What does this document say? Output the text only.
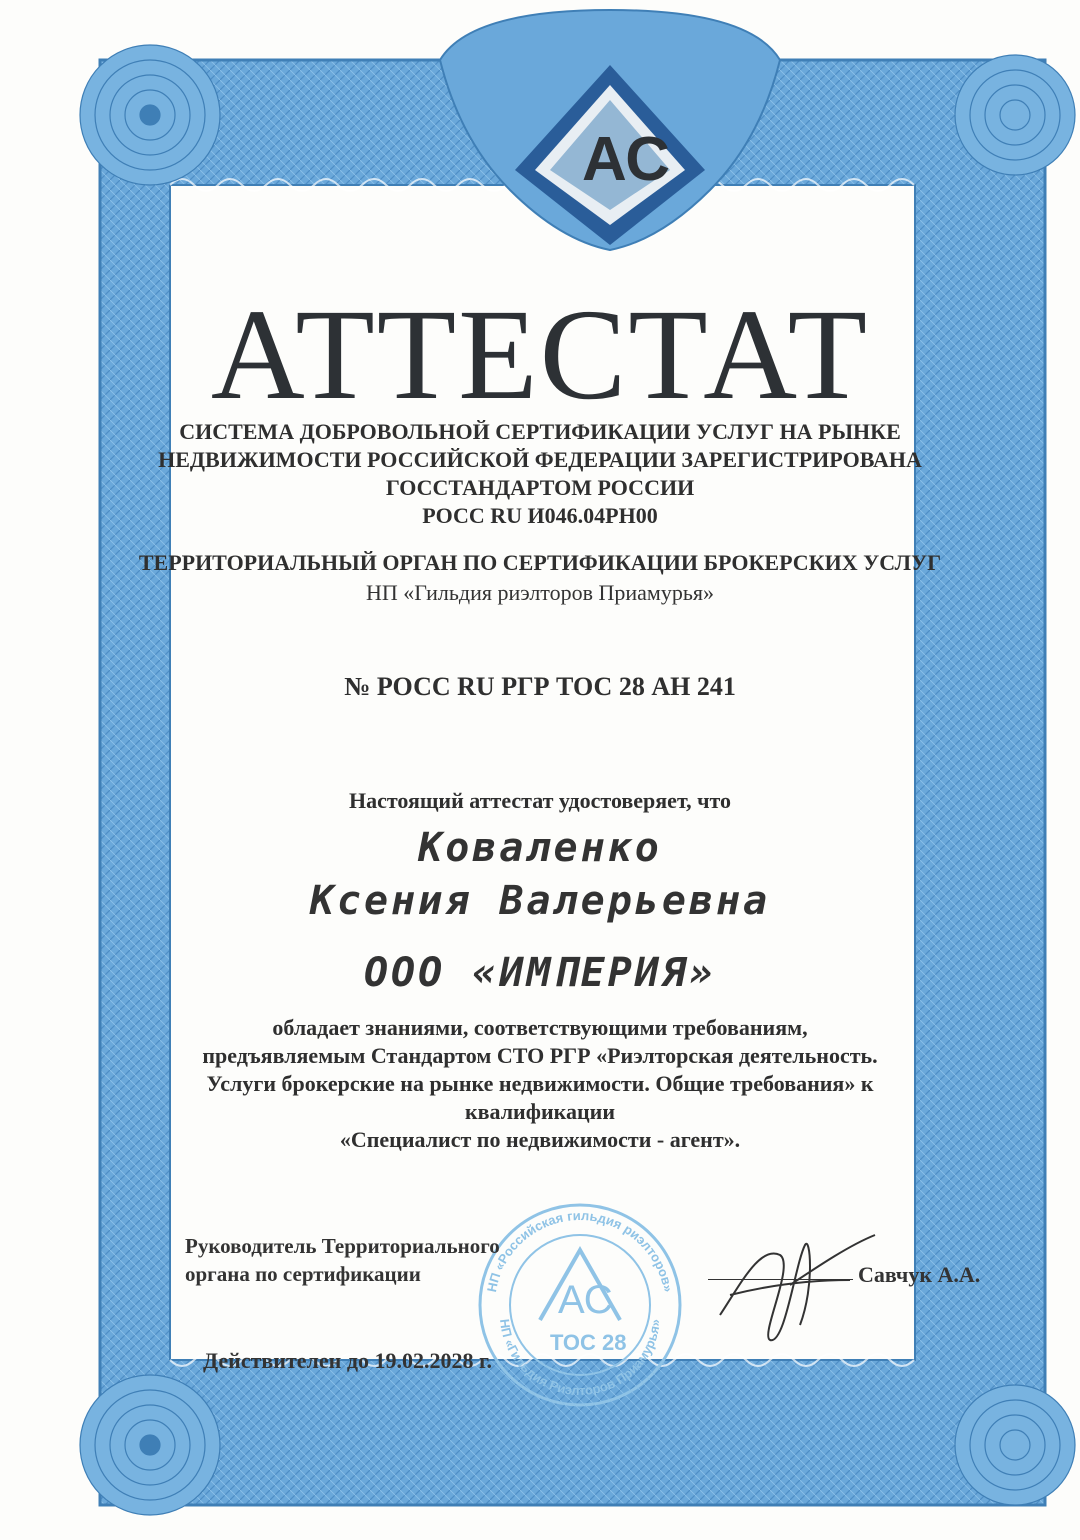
АС
АТТЕСТАТ
СИСТЕМА ДОБРОВОЛЬНОЙ СЕРТИФИКАЦИИ УСЛУГ НА РЫНКЕ
НЕДВИЖИМОСТИ РОССИЙСКОЙ ФЕДЕРАЦИИ ЗАРЕГИСТРИРОВАНА
ГОССТАНДАРТОМ РОССИИ
РОСС RU И046.04РН00
ТЕРРИТОРИАЛЬНЫЙ ОРГАН ПО СЕРТИФИКАЦИИ БРОКЕРСКИХ УСЛУГ
НП «Гильдия риэлторов Приамурья»
№ РОСС RU РГР ТОС 28 АН 241
Настоящий аттестат удостоверяет, что
Коваленко
Ксения Валерьевна
ООО «ИМПЕРИЯ»
обладает знаниями, соответствующими требованиям,
предъявляемым Стандартом СТО РГР «Риэлторская деятельность.
Услуги брокерские на рынке недвижимости. Общие требования» к
квалификации
«Специалист по недвижимости - агент».
НП «Российская гильдия риэлторов»
НП «Гильдия Риэлторов Приамурья»
АС
ТОС 28
Руководитель Территориального
органа по сертификации	Савчук А.А.
Действителен до 19.02.2028 г.
